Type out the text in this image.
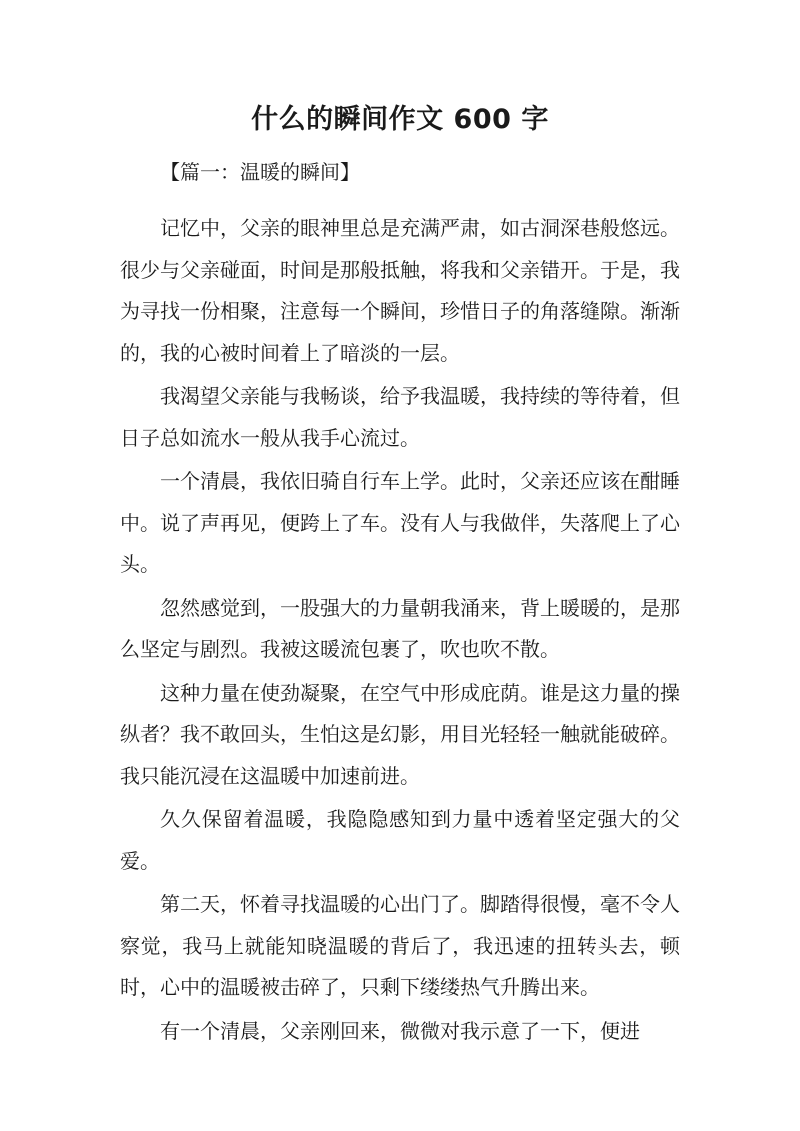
什么的瞬间作文 600 字

【篇一：温暖的瞬间】

记忆中，父亲的眼神里总是充满严肃，如古洞深巷般悠远。很少与父亲碰面，时间是那般抵触，将我和父亲错开。于是，我为寻找一份相聚，注意每一个瞬间，珍惜日子的角落缝隙。渐渐的，我的心被时间着上了暗淡的一层。

我渴望父亲能与我畅谈，给予我温暖，我持续的等待着，但日子总如流水一般从我手心流过。

一个清晨，我依旧骑自行车上学。此时，父亲还应该在酣睡中。说了声再见，便跨上了车。没有人与我做伴，失落爬上了心头。

忽然感觉到，一股强大的力量朝我涌来，背上暖暖的，是那么坚定与剧烈。我被这暖流包裹了，吹也吹不散。

这种力量在使劲凝聚，在空气中形成庇荫。谁是这力量的操纵者？我不敢回头，生怕这是幻影，用目光轻轻一触就能破碎。我只能沉浸在这温暖中加速前进。

久久保留着温暖，我隐隐感知到力量中透着坚定强大的父爱。

第二天，怀着寻找温暖的心出门了。脚踏得很慢，毫不令人察觉，我马上就能知晓温暖的背后了，我迅速的扭转头去，顿时，心中的温暖被击碎了，只剩下缕缕热气升腾出来。

有一个清晨，父亲刚回来，微微对我示意了一下，便进
